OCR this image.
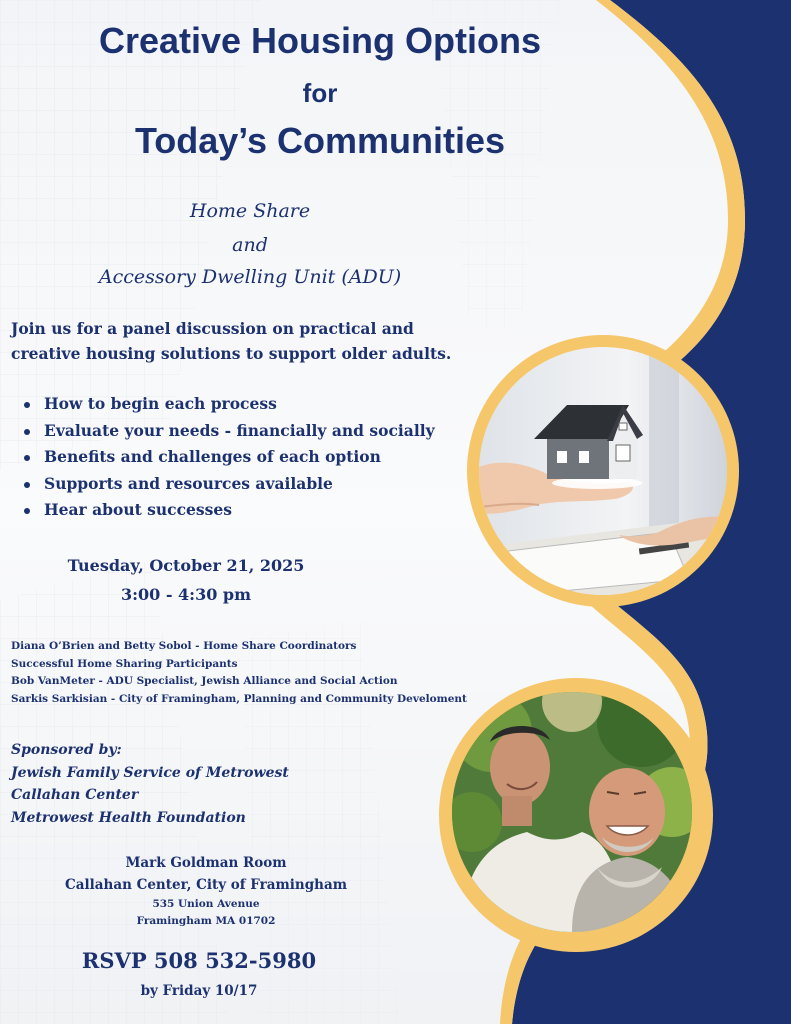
Creative Housing Options
for
Today’s Communities
Home Share
and
Accessory Dwelling Unit (ADU)
Join us for a panel discussion on practical and creative housing solutions to support older adults.
How to begin each process
Evaluate your needs - financially and socially
Benefits and challenges of each option
Supports and resources available
Hear about successes
Tuesday, October 21, 2025
3:00 - 4:30 pm
Diana O’Brien and Betty Sobol - Home Share Coordinators
Successful Home Sharing Participants
Bob VanMeter - ADU Specialist, Jewish Alliance and Social Action
Sarkis Sarkisian - City of Framingham, Planning and Community Develoment
Sponsored by:
Jewish Family Service of Metrowest
Callahan Center
Metrowest Health Foundation
Mark Goldman Room
Callahan Center, City of Framingham
535 Union Avenue
Framingham MA 01702
RSVP 508 532-5980
by Friday 10/17
